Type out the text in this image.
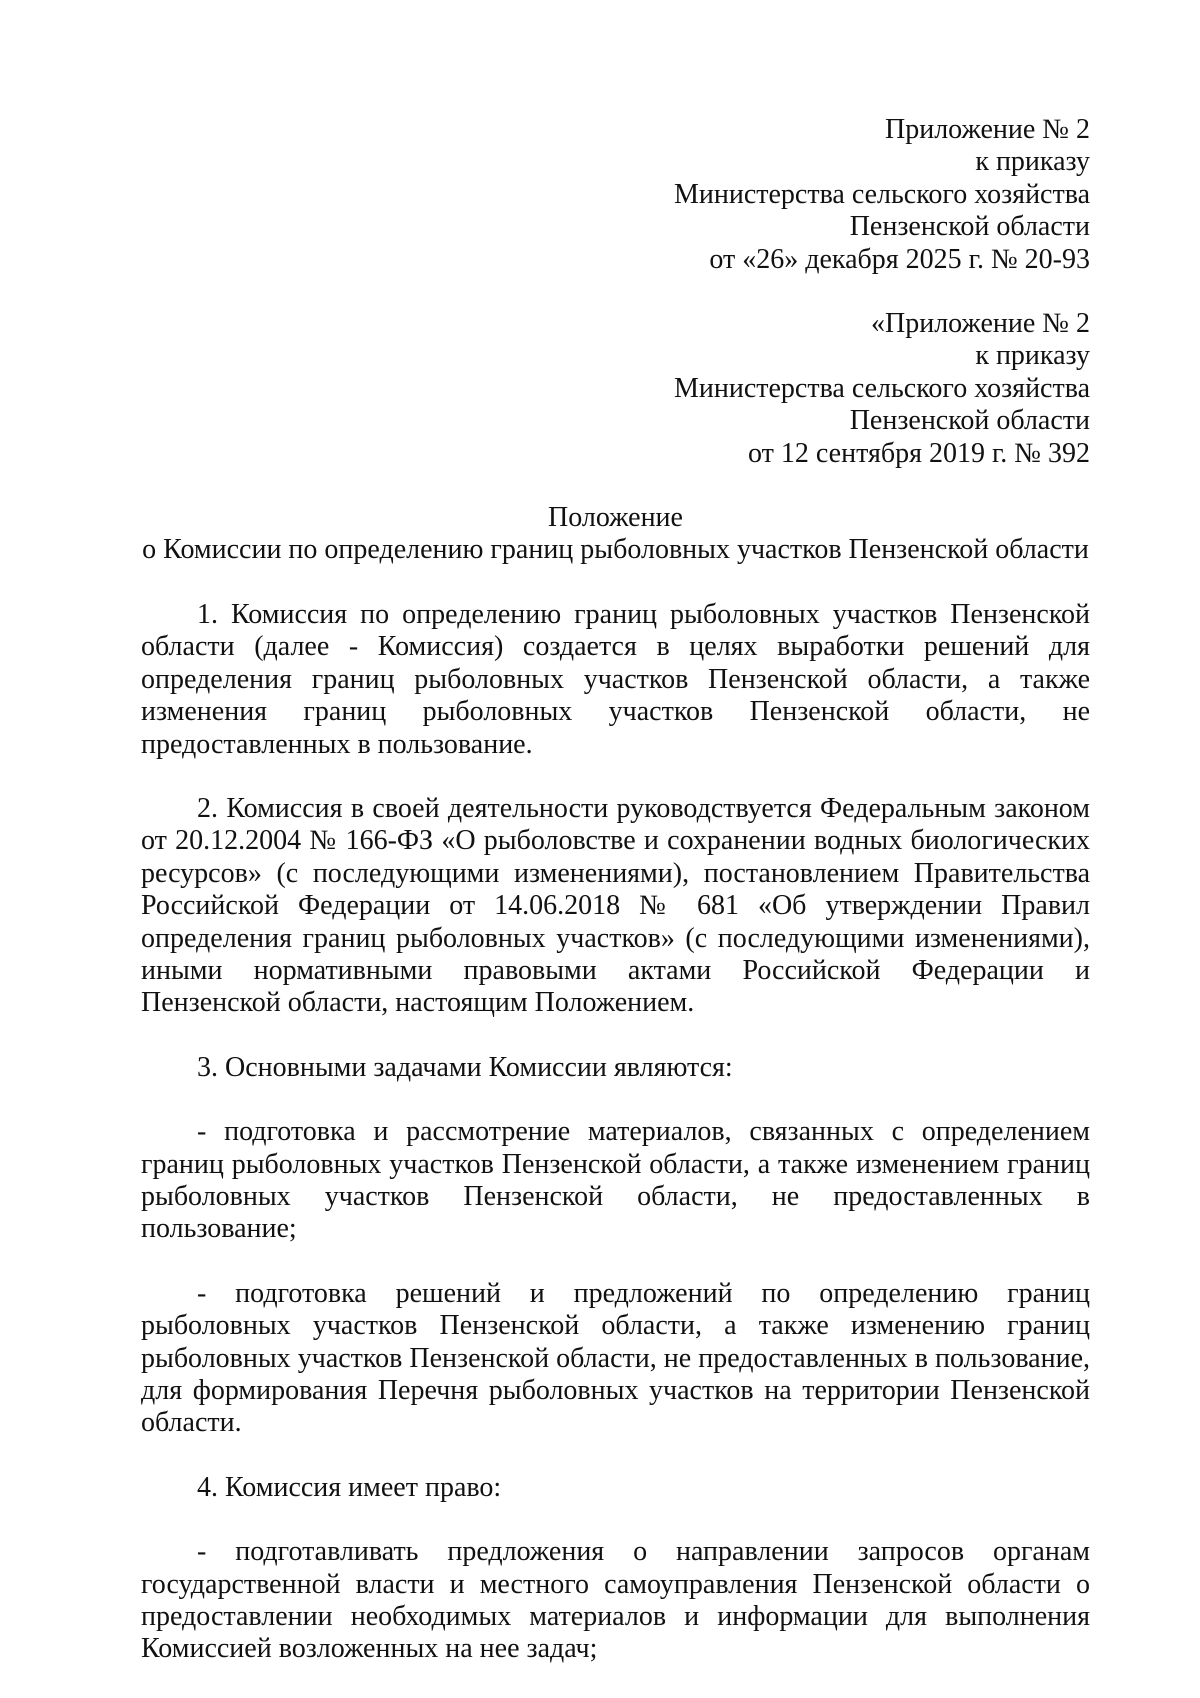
Приложение № 2
к приказу
Министерства сельского хозяйства
Пензенской области
от «26» декабря 2025 г. № 20-93
«Приложение № 2
к приказу
Министерства сельского хозяйства
Пензенской области
от 12 сентября 2019 г. № 392
Положение
о Комиссии по определению границ рыболовных участков Пензенской области

1. Комиссия по определению границ рыболовных участков Пензенской области (далее - Комиссия) создается в целях выработки решений для определения границ рыболовных участков Пензенской области, а также изменения границ рыболовных участков Пензенской области, не предоставленных в пользование.

2. Комиссия в своей деятельности руководствуется Федеральным законом от 20.12.2004 № 166-ФЗ «О рыболовстве и сохранении водных биологических ресурсов» (с последующими изменениями), постановлением Правительства Российской Федерации от 14.06.2018 № 681 «Об утверждении Правил определения границ рыболовных участков» (с последующими изменениями), иными нормативными правовыми актами Российской Федерации и Пензенской области, настоящим Положением.

3. Основными задачами Комиссии являются:

- подготовка и рассмотрение материалов, связанных с определением границ рыболовных участков Пензенской области, а также изменением границ рыболовных участков Пензенской области, не предоставленных в пользование;

- подготовка решений и предложений по определению границ рыболовных участков Пензенской области, а также изменению границ рыболовных участков Пензенской области, не предоставленных в пользование, для формирования Перечня рыболовных участков на территории Пензенской области.

4. Комиссия имеет право:

- подготавливать предложения о направлении запросов органам государственной власти и местного самоуправления Пензенской области о предоставлении необходимых материалов и информации для выполнения Комиссией возложенных на нее задач;
